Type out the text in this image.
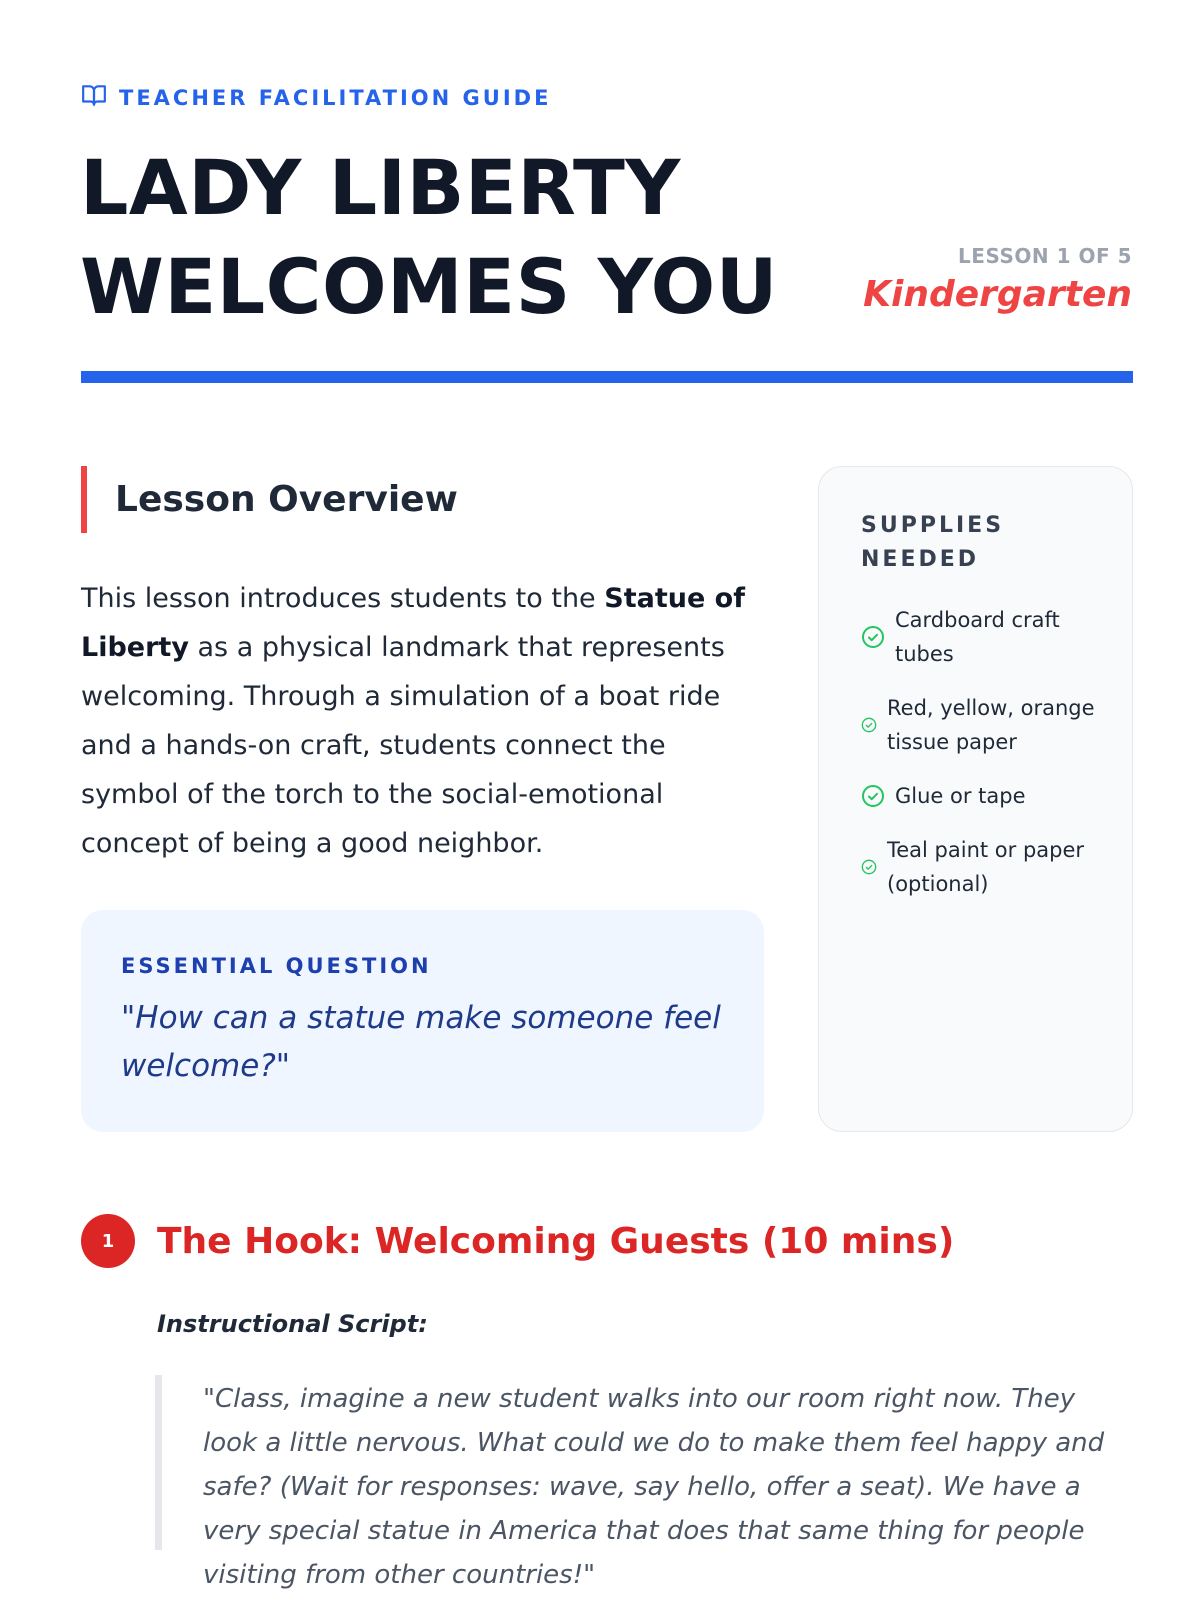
TEACHER FACILITATION GUIDE
LADY LIBERTY
WELCOMES YOU	LESSON 1 OF 5
Kindergarten
Lesson Overview

This lesson introduces students to the Statue of Liberty as a physical landmark that represents welcoming. Through a simulation of a boat ride and a hands-on craft, students connect the symbol of the torch to the social-emotional concept of being a good neighbor.

ESSENTIAL QUESTION
"How can a statue make someone feel welcome?"
SUPPLIES
NEEDED
Cardboard craft tubes
Red, yellow, orange tissue paper
Glue or tape
Teal paint or paper (optional)
1	The Hook: Welcoming Guests (10 mins)
Instructional Script:
"Class, imagine a new student walks into our room right now. They look a little nervous. What could we do to make them feel happy and safe? (Wait for responses: wave, say hello, offer a seat). We have a very special statue in America that does that same thing for people visiting from other countries!"
